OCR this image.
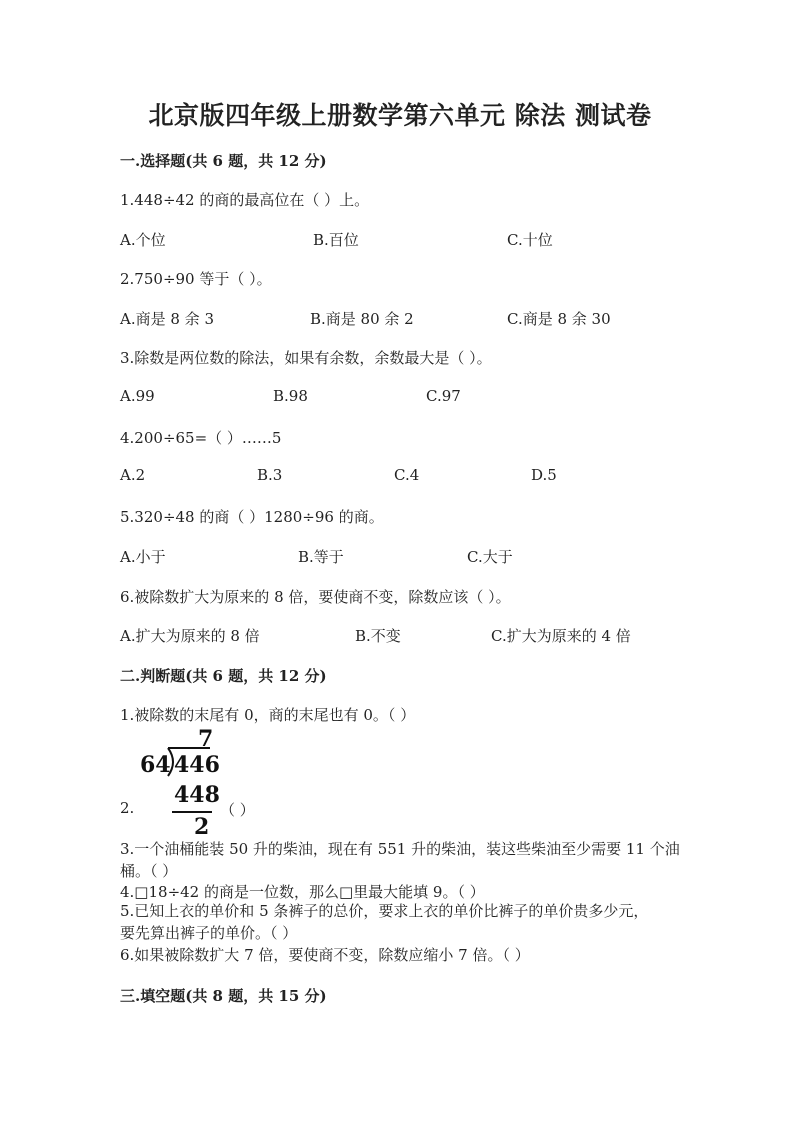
北京版四年级上册数学第六单元 除法 测试卷
一.选择题(共 6 题，共 12 分)
1.448÷42 的商的最高位在（ ）上。
A.个位	B.百位	C.十位
2.750÷90 等于（ ）。
A.商是 8 余 3	B.商是 80 余 2	C.商是 8 余 30
3.除数是两位数的除法，如果有余数，余数最大是（ ）。
A.99	B.98	C.97
4.200÷65=（ ）……5
A.2	B.3	C.4	D.5
5.320÷48 的商（ ）1280÷96 的商。
A.小于	B.等于	C.大于
6.被除数扩大为原来的 8 倍，要使商不变，除数应该（ ）。
A.扩大为原来的 8 倍	B.不变	C.扩大为原来的 4 倍
二.判断题(共 6 题，共 12 分)
1.被除数的末尾有 0，商的末尾也有 0。（ ）
7
64 446
448
2
2.	（ ）
3.一个油桶能装 50 升的柴油，现在有 551 升的柴油，装这些柴油至少需要 11 个油桶。（ ）
4.□18÷42 的商是一位数，那么□里最大能填 9。（ ）
5.已知上衣的单价和 5 条裤子的总价，要求上衣的单价比裤子的单价贵多少元，要先算出裤子的单价。（ ）
6.如果被除数扩大 7 倍，要使商不变，除数应缩小 7 倍。（ ）
三.填空题(共 8 题，共 15 分)
